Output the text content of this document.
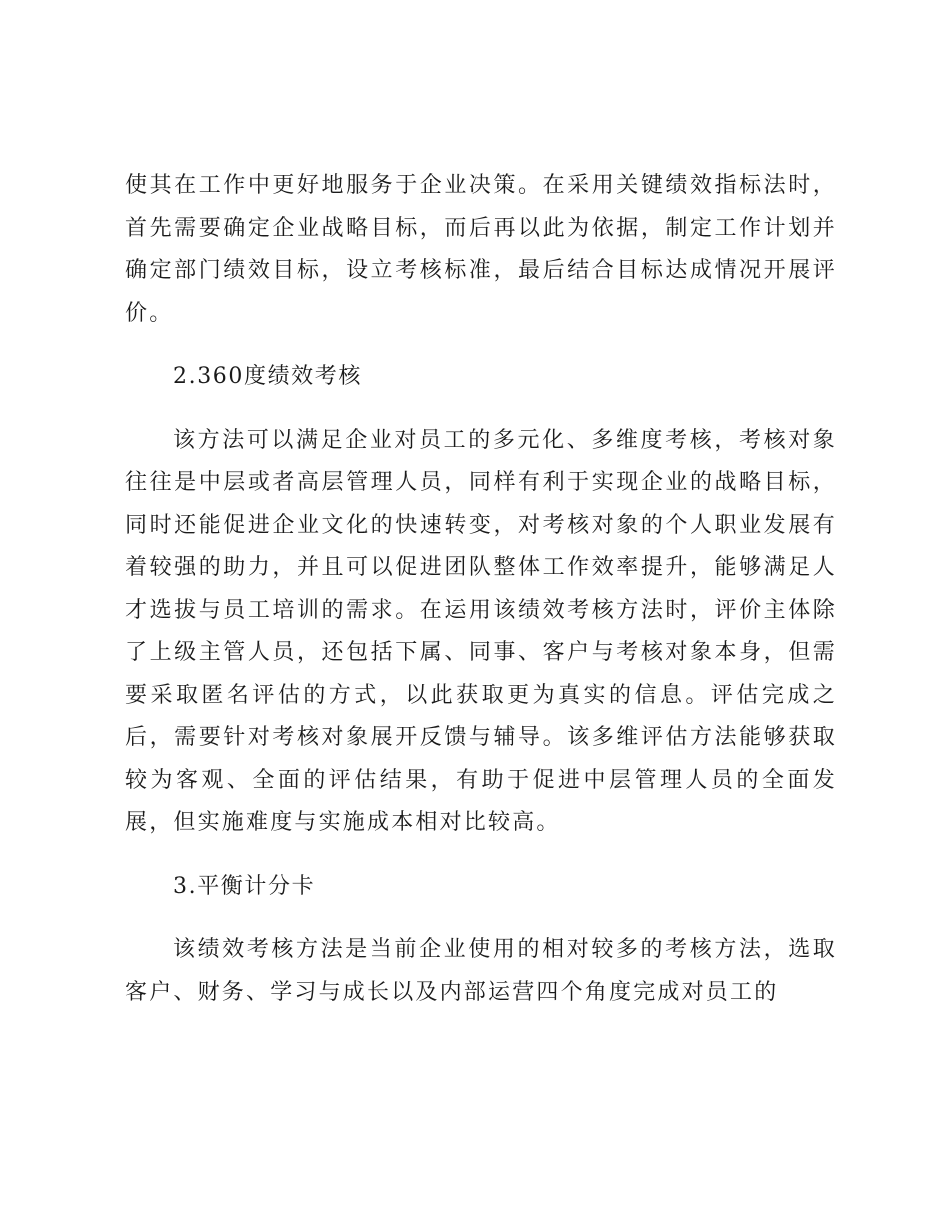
使其在工作中更好地服务于企业决策。在采用关键绩效指标法时，首先需要确定企业战略目标，而后再以此为依据，制定工作计划并确定部门绩效目标，设立考核标准，最后结合目标达成情况开展评价。

2.360度绩效考核

该方法可以满足企业对员工的多元化、多维度考核，考核对象往往是中层或者高层管理人员，同样有利于实现企业的战略目标，同时还能促进企业文化的快速转变，对考核对象的个人职业发展有着较强的助力，并且可以促进团队整体工作效率提升，能够满足人才选拔与员工培训的需求。在运用该绩效考核方法时，评价主体除了上级主管人员，还包括下属、同事、客户与考核对象本身，但需要采取匿名评估的方式，以此获取更为真实的信息。评估完成之后，需要针对考核对象展开反馈与辅导。该多维评估方法能够获取较为客观、全面的评估结果，有助于促进中层管理人员的全面发展，但实施难度与实施成本相对比较高。

3.平衡计分卡

该绩效考核方法是当前企业使用的相对较多的考核方法，选取客户、财务、学习与成长以及内部运营四个角度完成对员工的
